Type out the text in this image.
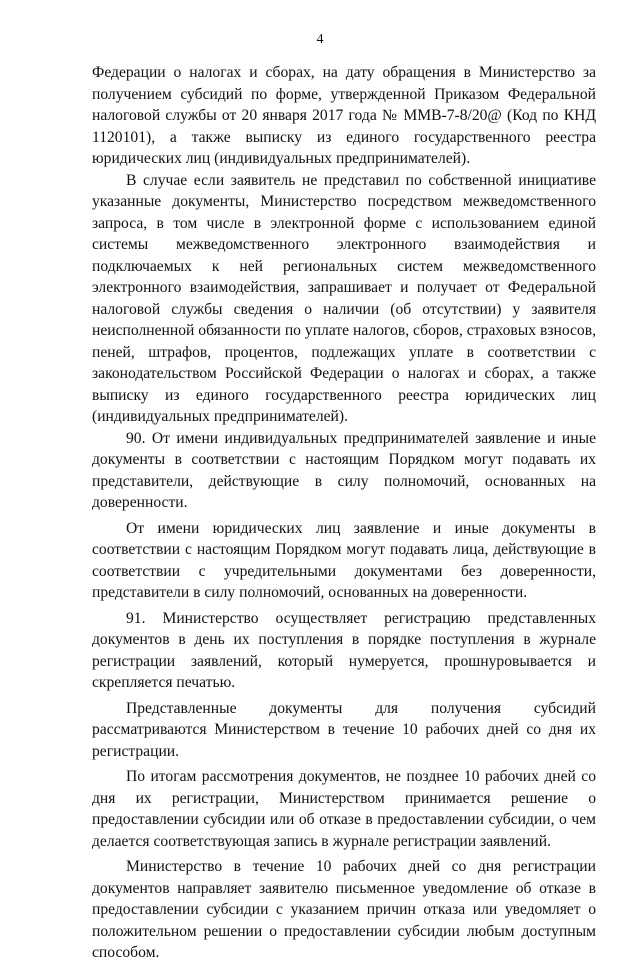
4

Федерации о налогах и сборах, на дату обращения в Министерство за получением субсидий по форме, утвержденной Приказом Федеральной налоговой службы от 20 января 2017 года № ММВ-7-8/20@ (Код по КНД 1120101), а также выписку из единого государственного реестра юридических лиц (индивидуальных предпринимателей).

В случае если заявитель не представил по собственной инициативе указанные документы, Министерство посредством межведомственного запроса, в том числе в электронной форме с использованием единой системы межведомственного электронного взаимодействия и подключаемых к ней региональных систем межведомственного электронного взаимодействия, запрашивает и получает от Федеральной налоговой службы сведения о наличии (об отсутствии) у заявителя неисполненной обязанности по уплате налогов, сборов, страховых взносов, пеней, штрафов, процентов, подлежащих уплате в соответствии с законодательством Российской Федерации о налогах и сборах, а также выписку из единого государственного реестра юридических лиц (индивидуальных предпринимателей).

90. От имени индивидуальных предпринимателей заявление и иные документы в соответствии с настоящим Порядком могут подавать их представители, действующие в силу полномочий, основанных на доверенности.

От имени юридических лиц заявление и иные документы в соответствии с настоящим Порядком могут подавать лица, действующие в соответствии с учредительными документами без доверенности, представители в силу полномочий, основанных на доверенности.

91. Министерство осуществляет регистрацию представленных документов в день их поступления в порядке поступления в журнале регистрации заявлений, который нумеруется, прошнуровывается и скрепляется печатью.

Представленные документы для получения субсидий рассматриваются Министерством в течение 10 рабочих дней со дня их регистрации.

По итогам рассмотрения документов, не позднее 10 рабочих дней со дня их регистрации, Министерством принимается решение о предоставлении субсидии или об отказе в предоставлении субсидии, о чем делается соответствующая запись в журнале регистрации заявлений.

Министерство в течение 10 рабочих дней со дня регистрации документов направляет заявителю письменное уведомление об отказе в предоставлении субсидии с указанием причин отказа или уведомляет о положительном решении о предоставлении субсидии любым доступным способом.
